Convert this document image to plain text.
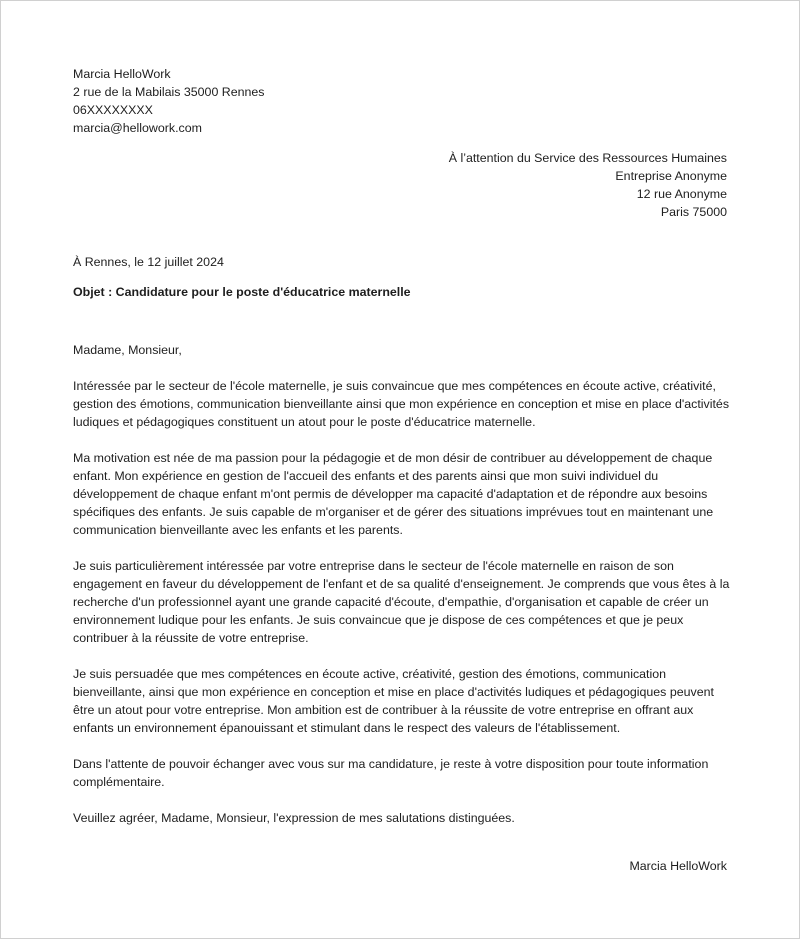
Marcia HelloWork
2 rue de la Mabilais 35000 Rennes
06XXXXXXXX
marcia@hellowork.com
À l’attention du Service des Ressources Humaines
Entreprise Anonyme
12 rue Anonyme
Paris 75000
À Rennes, le 12 juillet 2024
Objet : Candidature pour le poste d'éducatrice maternelle

Madame, Monsieur,

Intéressée par le secteur de l'école maternelle, je suis convaincue que mes compétences en écoute active, créativité, gestion des émotions, communication bienveillante ainsi que mon expérience en conception et mise en place d'activités ludiques et pédagogiques constituent un atout pour le poste d'éducatrice maternelle.

Ma motivation est née de ma passion pour la pédagogie et de mon désir de contribuer au développement de chaque enfant. Mon expérience en gestion de l'accueil des enfants et des parents ainsi que mon suivi individuel du développement de chaque enfant m'ont permis de développer ma capacité d'adaptation et de répondre aux besoins spécifiques des enfants. Je suis capable de m'organiser et de gérer des situations imprévues tout en maintenant une communication bienveillante avec les enfants et les parents.

Je suis particulièrement intéressée par votre entreprise dans le secteur de l'école maternelle en raison de son engagement en faveur du développement de l'enfant et de sa qualité d'enseignement. Je comprends que vous êtes à la recherche d'un professionnel ayant une grande capacité d'écoute, d'empathie, d'organisation et capable de créer un environnement ludique pour les enfants. Je suis convaincue que je dispose de ces compétences et que je peux contribuer à la réussite de votre entreprise.

Je suis persuadée que mes compétences en écoute active, créativité, gestion des émotions, communication bienveillante, ainsi que mon expérience en conception et mise en place d'activités ludiques et pédagogiques peuvent être un atout pour votre entreprise. Mon ambition est de contribuer à la réussite de votre entreprise en offrant aux enfants un environnement épanouissant et stimulant dans le respect des valeurs de l'établissement.

Dans l'attente de pouvoir échanger avec vous sur ma candidature, je reste à votre disposition pour toute information complémentaire.

Veuillez agréer, Madame, Monsieur, l'expression de mes salutations distinguées.

Marcia HelloWork
